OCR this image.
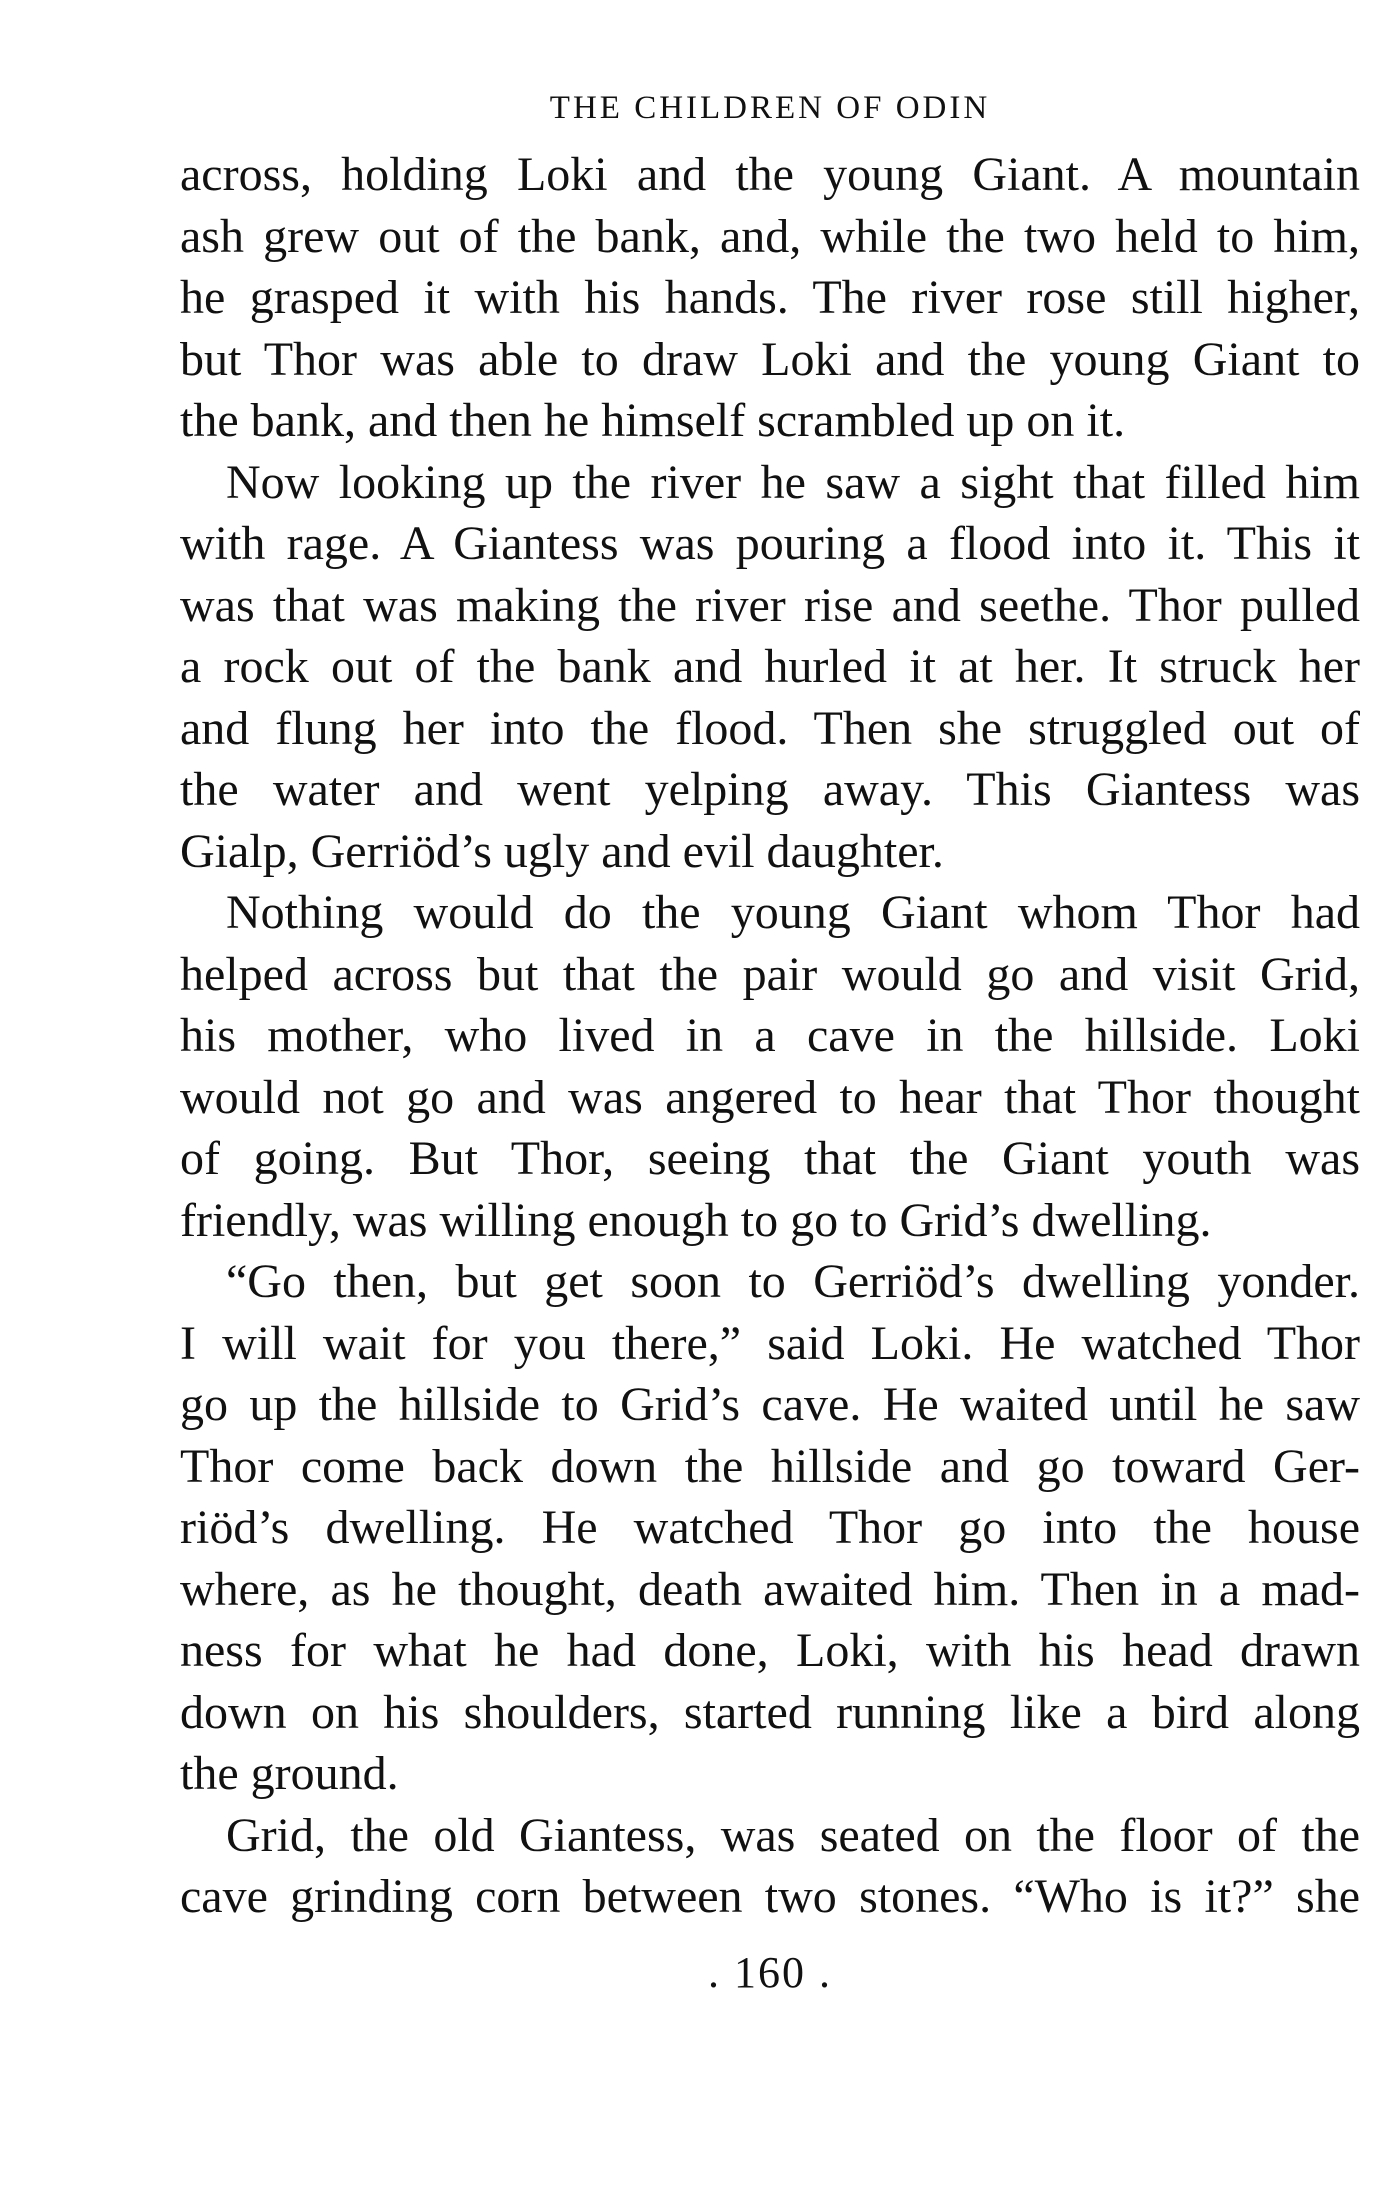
THE CHILDREN OF ODIN

across, holding Loki and the young Giant. A mountain
ash grew out of the bank, and, while the two held to him,
he grasped it with his hands. The river rose still higher,
but Thor was able to draw Loki and the young Giant to
the bank, and then he himself scrambled up on it.

Now looking up the river he saw a sight that filled him
with rage. A Giantess was pouring a flood into it. This it
was that was making the river rise and seethe. Thor pulled
a rock out of the bank and hurled it at her. It struck her
and flung her into the flood. Then she struggled out of
the water and went yelping away. This Giantess was
Gialp, Gerriöd’s ugly and evil daughter.

Nothing would do the young Giant whom Thor had
helped across but that the pair would go and visit Grid,
his mother, who lived in a cave in the hillside. Loki
would not go and was angered to hear that Thor thought
of going. But Thor, seeing that the Giant youth was
friendly, was willing enough to go to Grid’s dwelling.

“Go then, but get soon to Gerriöd’s dwelling yonder.
I will wait for you there,” said Loki. He watched Thor
go up the hillside to Grid’s cave. He waited until he saw
Thor come back down the hillside and go toward Ger-
riöd’s dwelling. He watched Thor go into the house
where, as he thought, death awaited him. Then in a mad-
ness for what he had done, Loki, with his head drawn
down on his shoulders, started running like a bird along
the ground.

Grid, the old Giantess, was seated on the floor of the
cave grinding corn between two stones. “Who is it?” she

. 160 .
